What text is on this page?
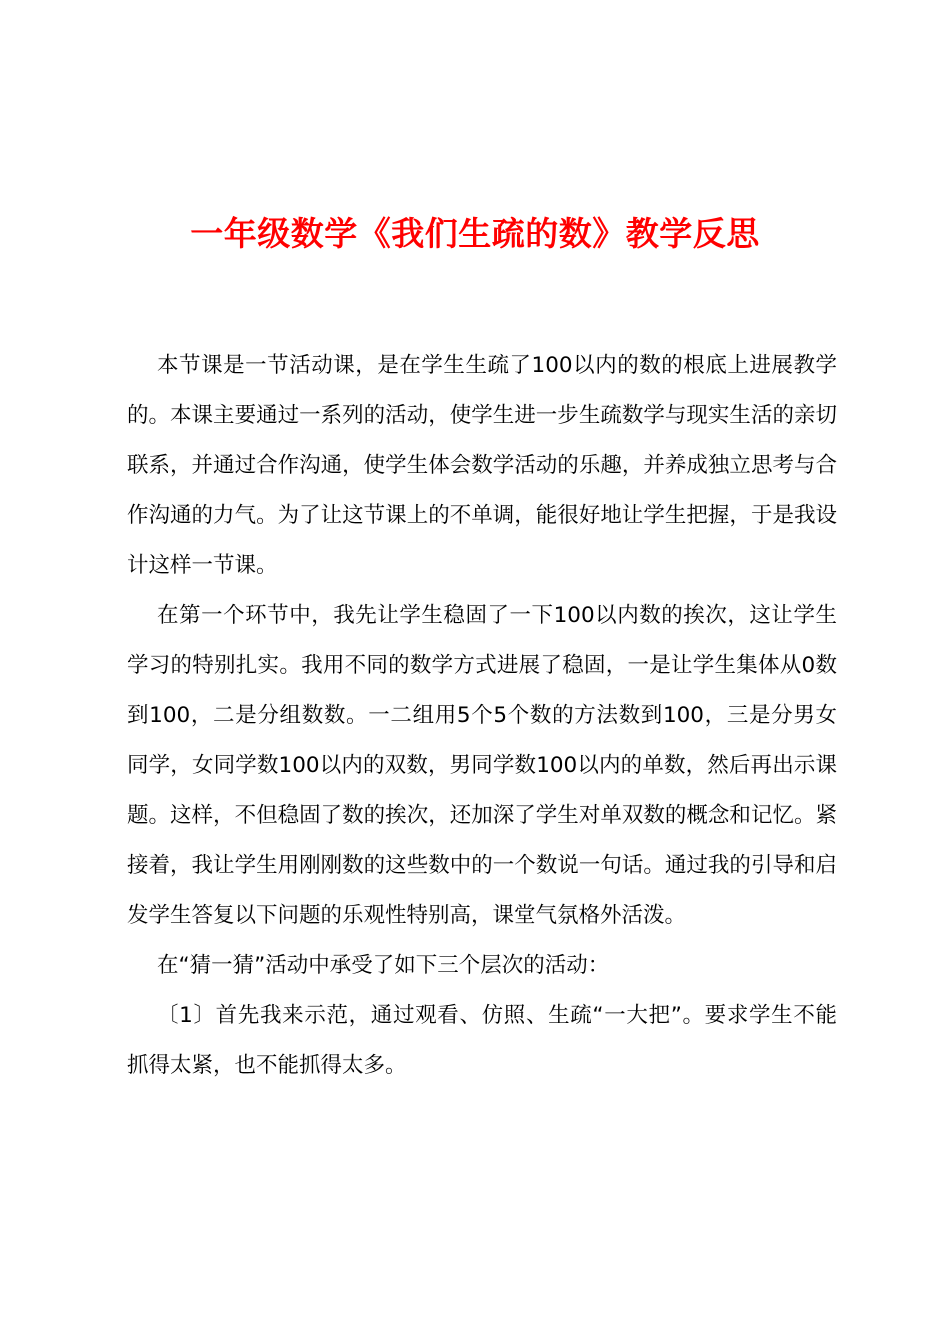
一年级数学《我们生疏的数》教学反思

本节课是一节活动课，是在学生生疏了100以内的数的根底上进展教学的。本课主要通过一系列的活动，使学生进一步生疏数学与现实生活的亲切联系，并通过合作沟通，使学生体会数学活动的乐趣，并养成独立思考与合作沟通的力气。为了让这节课上的不单调，能很好地让学生把握，于是我设计这样一节课。

在第一个环节中，我先让学生稳固了一下100以内数的挨次，这让学生学习的特别扎实。我用不同的数学方式进展了稳固，一是让学生集体从0数到100，二是分组数数。一二组用5个5个数的方法数到100，三是分男女同学，女同学数100以内的双数，男同学数100以内的单数，然后再出示课题。这样，不但稳固了数的挨次，还加深了学生对单双数的概念和记忆。紧接着，我让学生用刚刚数的这些数中的一个数说一句话。通过我的引导和启发学生答复以下问题的乐观性特别高，课堂气氛格外活泼。

在“猜一猜”活动中承受了如下三个层次的活动：

〔1〕首先我来示范，通过观看、仿照、生疏“一大把”。要求学生不能抓得太紧，也不能抓得太多。
